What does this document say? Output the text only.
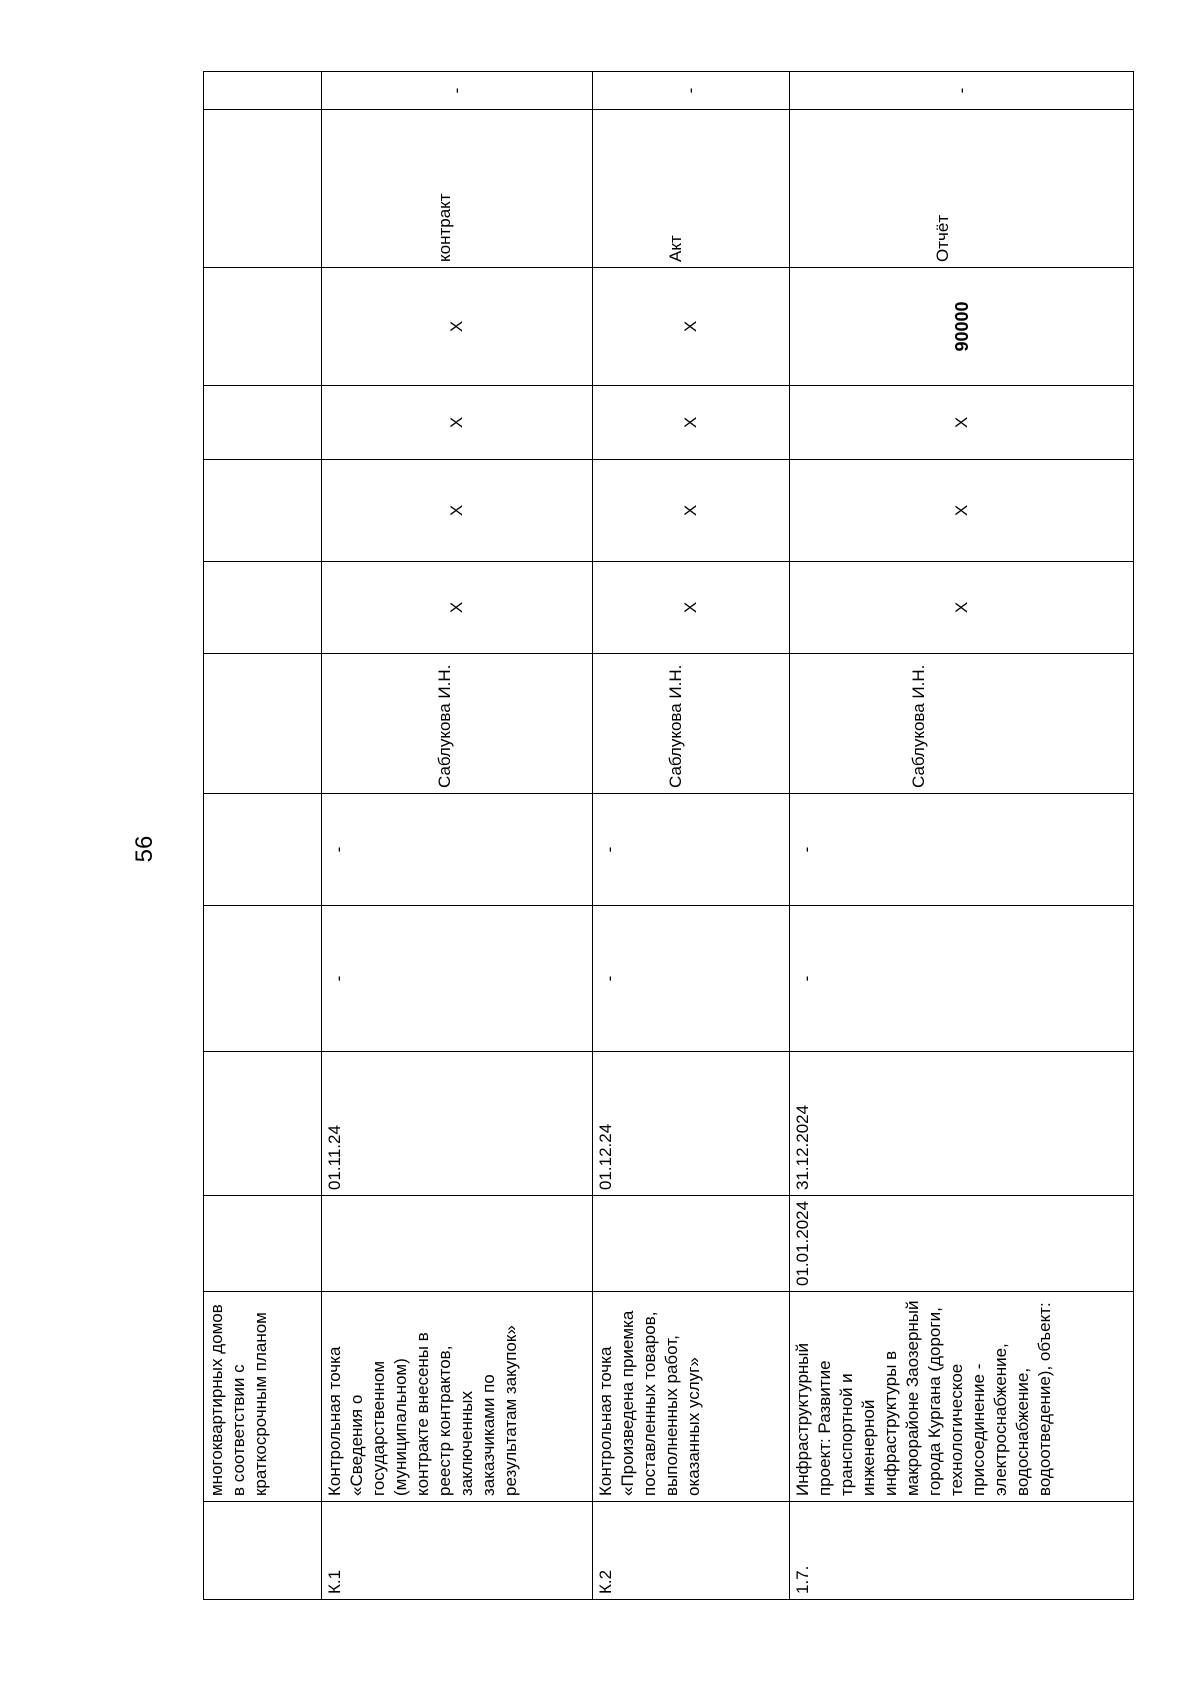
56
	многоквартирных домов в соответствии с краткосрочным планом											
К.1	Контрольная точка «Сведения о государственном (муниципальном) контракте внесены в реестр контрактов, заключенных заказчиками по результатам закупок»		01.11.24	-	-	Саблукова И.Н.	X	X	X	X	контракт	-
К.2	Контрольная точка «Произведена приемка поставленных товаров, выполненных работ, оказанных услуг»		01.12.24	-	-	Саблукова И.Н.	X	X	X	X	Акт	-
1.7.	Инфраструктурный проект: Развитие транспортной и инженерной инфраструктуры в макрорайоне Заозерный города Кургана (дороги, технологическое присоединение - электроснабжение, водоснабжение, водоотведение), объект:	01.01.2024	31.12.2024	-	-	Саблукова И.Н.	X	X	X	90000	Отчёт	-
